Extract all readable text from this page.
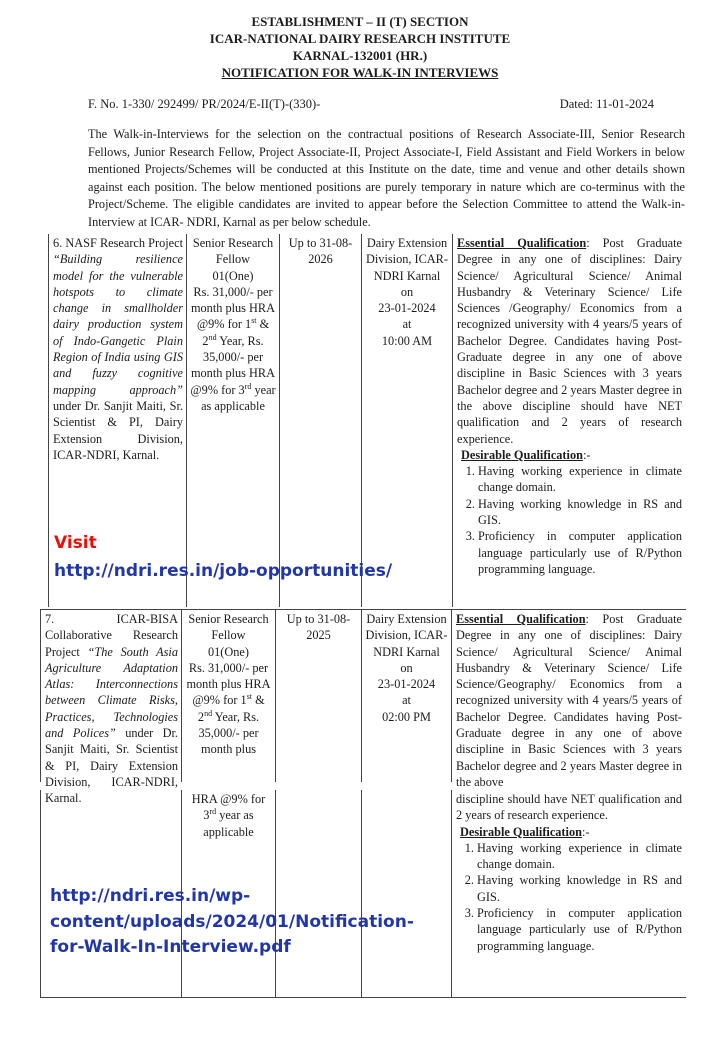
ESTABLISHMENT – II (T) SECTION
ICAR-NATIONAL DAIRY RESEARCH INSTITUTE
KARNAL-132001 (HR.)
NOTIFICATION FOR WALK-IN INTERVIEWS
F. No. 1-330/ 292499/ PR/2024/E-II(T)-(330)-	Dated: 11-01-2024
The Walk-in-Interviews for the selection on the contractual positions of Research Associate-III, Senior Research Fellows, Junior Research Fellow, Project Associate-II, Project Associate-I, Field Assistant and Field Workers in below mentioned Projects/Schemes will be conducted at this Institute on the date, time and venue and other details shown against each position. The below mentioned positions are purely temporary in nature which are co-terminus with the Project/Scheme. The eligible candidates are invited to appear before the Selection Committee to attend the Walk-in-Interview at ICAR- NDRI, Karnal as per below schedule.
6. NASF Research Project “Building resilience model for the vulnerable hotspots to climate change in smallholder dairy production system of Indo-Gangetic Plain Region of India using GIS and fuzzy cognitive mapping approach” under Dr. Sanjit Maiti, Sr. Scientist & PI, Dairy Extension Division, ICAR-NDRI, Karnal.
Senior Research Fellow
01(One)
Rs. 31,000/- per month plus HRA @9% for 1st & 2nd Year, Rs. 35,000/- per month plus HRA @9% for 3rd year as applicable
Up to 31-08-2026
Dairy Extension Division, ICAR-NDRI Karnal
on
23-01-2024
at
10:00 AM
Essential Qualification: Post Graduate Degree in any one of disciplines: Dairy Science/ Agricultural Science/ Animal Husbandry & Veterinary Science/ Life Sciences /Geography/ Economics from a recognized university with 4 years/5 years of Bachelor Degree. Candidates having Post-Graduate degree in any one of above discipline in Basic Sciences with 3 years Bachelor degree and 2 years Master degree in the above discipline should have NET qualification and 2 years of research experience.
Desirable Qualification:-
1. Having working experience in climate change domain.
2. Having working knowledge in RS and GIS.
3. Proficiency in computer application language particularly use of R/Python programming language.
7. ICAR-BISA Collaborative Research Project “The South Asia Agriculture Adaptation Atlas: Interconnections between Climate Risks, Practices, Technologies and Polices” under Dr. Sanjit Maiti, Sr. Scientist & PI, Dairy Extension Division, ICAR-NDRI, Karnal.
Senior Research Fellow
01(One)
Rs. 31,000/- per month plus HRA @9% for 1st & 2nd Year, Rs. 35,000/- per month plus
Up to 31-08-2025
Dairy Extension Division, ICAR-NDRI Karnal
on
23-01-2024
at
02:00 PM
Essential Qualification: Post Graduate Degree in any one of disciplines: Dairy Science/ Agricultural Science/ Animal Husbandry & Veterinary Science/ Life Science/Geography/ Economics from a recognized university with 4 years/5 years of Bachelor Degree. Candidates having Post-Graduate degree in any one of above discipline in Basic Sciences with 3 years Bachelor degree and 2 years Master degree in the above
HRA @9% for 3rd year as applicable
discipline should have NET qualification and 2 years of research experience.
Desirable Qualification:-
1. Having working experience in climate change domain.
2. Having working knowledge in RS and GIS.
3. Proficiency in computer application language particularly use of R/Python programming language.
Visit
http://ndri.res.in/job-opportunities/
http://ndri.res.in/wp-content/uploads/2024/01/Notification-for-Walk-In-Interview.pdf
